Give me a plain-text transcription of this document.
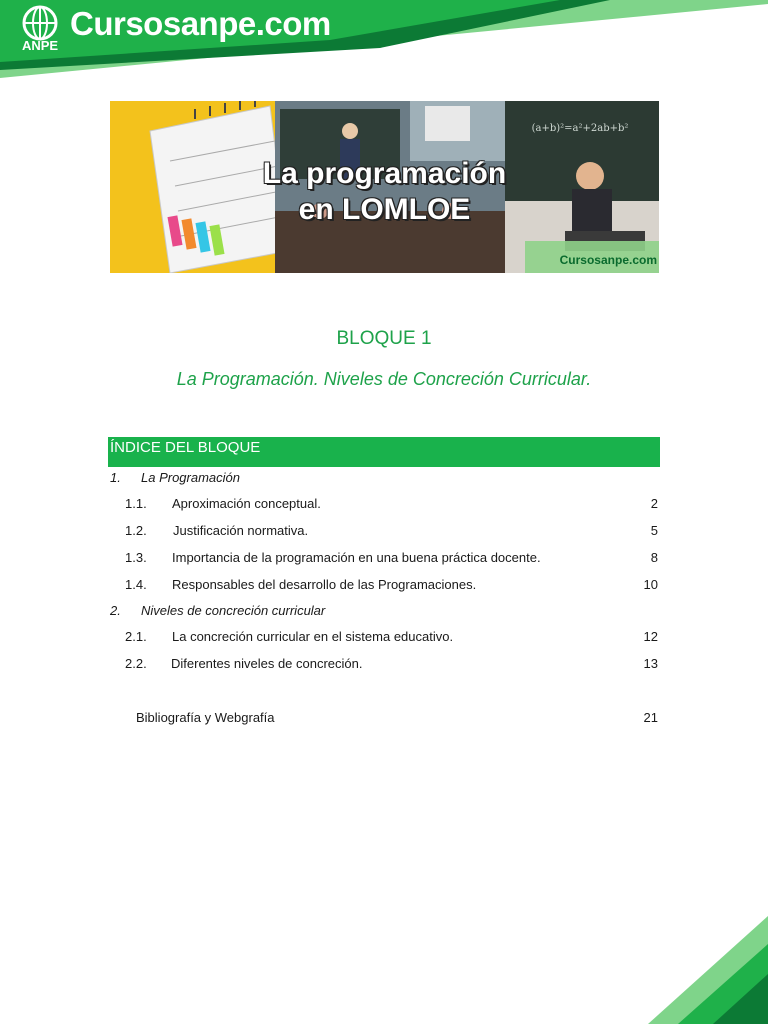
ANPE
Cursosanpe.com
(a+b)²=a²+2ab+b²
La programación
en LOMLOE
Cursosanpe.com
BLOQUE 1
La Programación. Niveles de Concreción Curricular.
ÍNDICE DEL BLOQUE
1. La Programación
1.1. Aproximación conceptual.	2
1.2. Justificación normativa.	5
1.3. Importancia de la programación en una buena práctica docente.	8
1.4. Responsables del desarrollo de las Programaciones.	10
2. Niveles de concreción curricular
2.1. La concreción curricular en el sistema educativo.	12
2.2. Diferentes niveles de concreción.	13
Bibliografía y Webgrafía	21
